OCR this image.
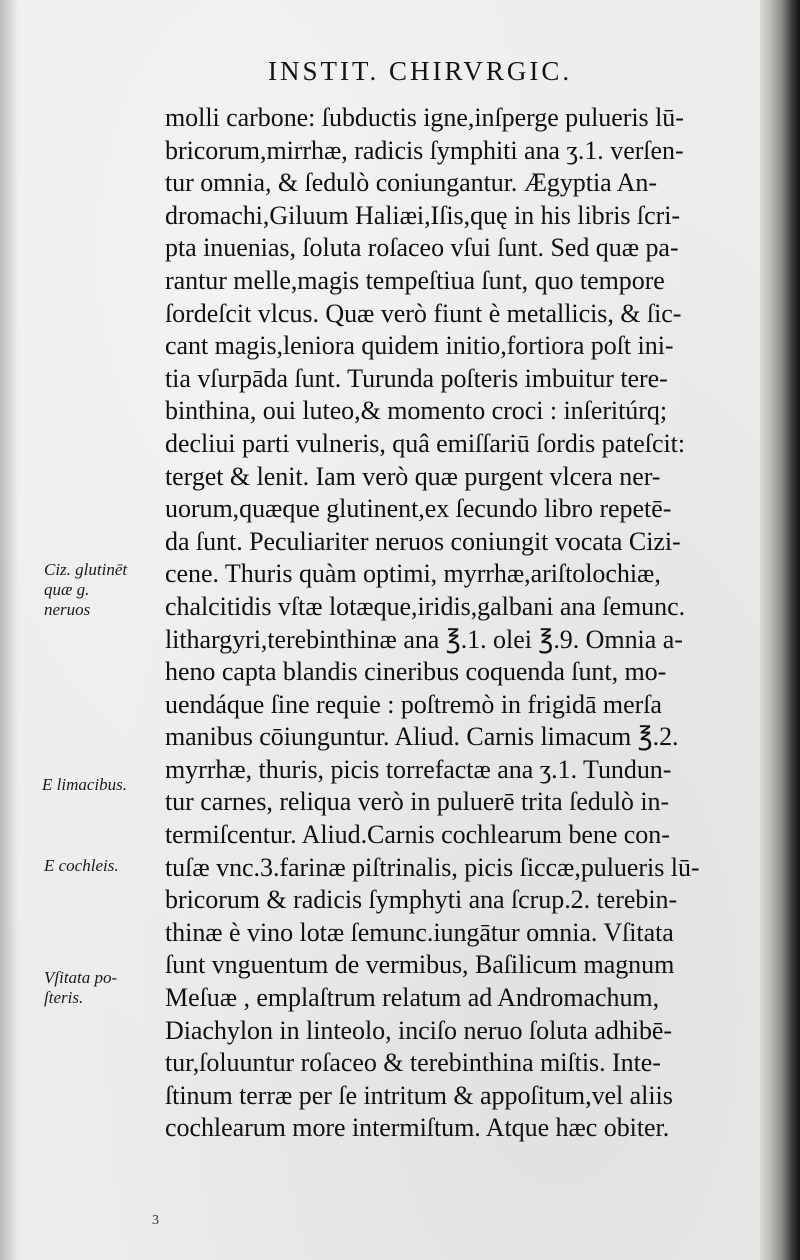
INSTIT. CHIRVRGIC.
molli carbone: ſubductis igne,inſperge pulueris lū-
bricorum,mirrhæ, radicis ſymphiti ana ʒ.1. verſen-
tur omnia, & ſedulò coniungantur. Ægyptia An-
dromachi,Giluum Haliæi,Iſis,quę in his libris ſcri-
pta inuenias, ſoluta roſaceo vſui ſunt. Sed quæ pa-
rantur melle,magis tempeſtiua ſunt, quo tempore
ſordeſcit vlcus. Quæ verò fiunt è metallicis, & ſic-
cant magis,leniora quidem initio,fortiora poſt ini-
tia vſurpāda ſunt. Turunda poſteris imbuitur tere-
binthina, oui luteo,& momento croci : inſeritúrq;
decliui parti vulneris, quâ emiſſariū ſordis pateſcit:
terget & lenit. Iam verò quæ purgent vlcera ner-
uorum,quæque glutinent,ex ſecundo libro repetē-
da ſunt. Peculiariter neruos coniungit vocata Cizi-
cene. Thuris quàm optimi, myrrhæ,ariſtolochiæ,
chalcitidis vſtæ lotæque,iridis,galbani ana ſemunc.
lithargyri,terebinthinæ ana ℥.1. olei ℥.9. Omnia a-
heno capta blandis cineribus coquenda ſunt, mo-
uendáque ſine requie : poſtremò in frigidā merſa
manibus cōiunguntur. Aliud. Carnis limacum ℥.2.
myrrhæ, thuris, picis torrefactæ ana ʒ.1. Tundun-
tur carnes, reliqua verò in puluerē trita ſedulò in-
termiſcentur. Aliud.Carnis cochlearum bene con-
tuſæ vnc.3.farinæ piſtrinalis, picis ſiccæ,pulueris lū-
bricorum & radicis ſymphyti ana ſcrup.2. terebin-
thinæ è vino lotæ ſemunc.iungātur omnia. Vſitata
ſunt vnguentum de vermibus, Baſilicum magnum
Meſuæ , emplaſtrum relatum ad Andromachum,
Diachylon in linteolo, inciſo neruo ſoluta adhibē-
tur,ſoluuntur roſaceo & terebinthina miſtis. Inte-
ſtinum terræ per ſe intritum & appoſitum,vel aliis
cochlearum more intermiſtum. Atque hæc obiter.
Ciz. glutinēt
quæ g.
neruos
E limacibus.
E cochleis.
Vſitata po-
ſteris.
3
